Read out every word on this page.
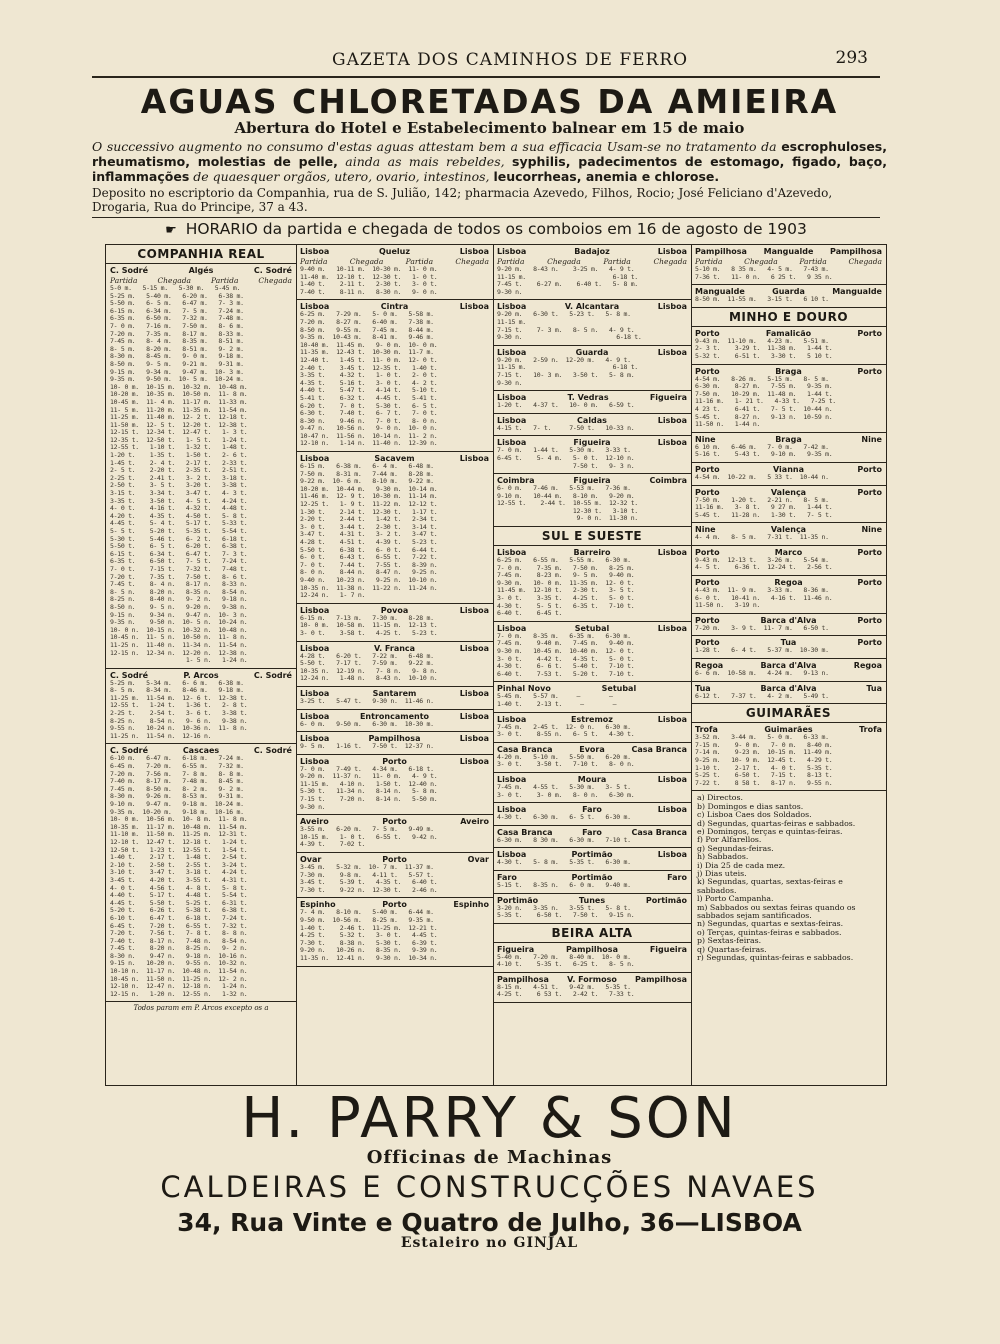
GAZETA DOS CAMINHOS DE FERRO	293
AGUAS CHLORETADAS DA AMIEIRA
Abertura do Hotel e Estabelecimento balnear em 15 de maio
O successivo augmento no consumo d'estas aguas attestam bem a sua efficacia Usam-se no tratamento da escrophuloses, rheumatismo, molestias de pelle, ainda as mais rebeldes, syphilis, padecimentos de estomago, figado, baço, inflammações de quaesquer orgãos, utero, ovario, intestinos, leucorrheas, anemia e chlorose.
Deposito no escriptorio da Companhia, rua de S. Julião, 142; pharmacia Azevedo, Filhos, Rocio; José Feliciano d'Azevedo, Drogaria, Rua do Principe, 37 a 43.
☛ HORARIO da partida e chegada de todos os comboios em 16 de agosto de 1903
COMPANHIA REAL
C. Sodré	Algés	C. Sodré
Partida	Chegada	Partida	Chegada
5-0 m.   5-15 m.   5-30 m.   5-45 m.
5-25 m.   5-40 m.   6-20 m.   6-38 m.
5-50 m.   6- 5 m.   6-47 m.   7- 3 m.
6-15 m.   6-34 m.   7- 5 m.   7-24 m.
6-35 m.   6-50 m.   7-32 m.   7-48 m.
7- 0 m.   7-16 m.   7-50 m.   8- 6 m.
7-20 m.   7-35 m.   8-17 m.   8-33 m.
7-45 m.   8- 4 m.   8-35 m.   8-51 m.
8- 5 m.   8-20 m.   8-51 m.   9- 2 m.
8-30 m.   8-45 m.   9- 0 m.   9-18 m.
8-50 m.   9- 5 m.   9-21 m.   9-31 m.
9-15 m.   9-34 m.   9-47 m.  10- 3 m.
9-35 m.   9-50 m.  10- 5 m.  10-24 m.
10- 0 m.  10-15 m.  10-32 m.  10-48 m.
10-20 m.  10-35 m.  10-50 m.  11- 8 m.
10-45 m.  11- 4 m.  11-17 m.  11-33 m.
11- 5 m.  11-20 m.  11-35 m.  11-54 m.
11-25 m.  11-40 m.  12- 2 t.  12-18 t.
11-50 m.  12- 5 t.  12-20 t.  12-38 t.
12-15 t.  12-34 t.  12-47 t.   1- 3 t.
12-35 t.  12-50 t.   1- 5 t.   1-24 t.
12-55 t.   1-10 t.   1-32 t.   1-48 t.
1-20 t.    1-35 t.   1-50 t.   2- 6 t.
1-45 t.    2- 4 t.   2-17 t.   2-33 t.
2- 5 t.    2-20 t.   2-35 t.   2-51 t.
2-25 t.    2-41 t.   3- 2 t.   3-18 t.
2-50 t.    3- 5 t.   3-20 t.   3-38 t.
3-15 t.    3-34 t.   3-47 t.   4- 3 t.
3-35 t.    3-50 t.   4- 5 t.   4-24 t.
4- 0 t.    4-16 t.   4-32 t.   4-48 t.
4-20 t.    4-35 t.   4-50 t.   5- 8 t.
4-45 t.    5- 4 t.   5-17 t.   5-33 t.
5- 5 t.    5-20 t.   5-35 t.   5-54 t.
5-30 t.    5-46 t.   6- 2 t.   6-18 t.
5-50 t.    6- 5 t.   6-20 t.   6-38 t.
6-15 t.    6-34 t.   6-47 t.   7- 3 t.
6-35 t.    6-50 t.   7- 5 t.   7-24 t.
7- 0 t.    7-15 t.   7-32 t.   7-48 t.
7-20 t.    7-35 t.   7-50 t.   8- 6 t.
7-45 t.    8- 4 n.   8-17 n.   8-33 n.
8- 5 n.    8-20 n.   8-35 n.   8-54 n.
8-25 n.    8-40 n.   9- 2 n.   9-18 n.
8-50 n.    9- 5 n.   9-20 n.   9-38 n.
9-15 n.    9-34 n.   9-47 n.  10- 3 n.
9-35 n.    9-50 n.  10- 5 n.  10-24 n.
10- 0 n.  10-15 n.  10-32 n.  10-48 n.
10-45 n.  11- 5 n.  10-50 n.  11- 8 n.
11-25 n.  11-40 n.  11-34 n.  11-54 n.
12-15 n.  12-34 n.  12-20 n.  12-38 n.
1- 5 n.   1-24 n.
C. Sodré	P. Arcos	C. Sodré
5-25 m.   5-34 m.   6- 6 m.   6-38 m.
8- 5 m.   8-34 m.   8-46 m.   9-18 m.
11-25 m.  11-54 m.  12- 6 t.  12-38 t.
12-55 t.   1-24 t.   1-36 t.   2- 8 t.
2-25 t.    2-54 t.   3- 6 t.   3-38 t.
8-25 n.    8-54 n.   9- 6 n.   9-38 n.
9-55 n.   10-24 n.  10-36 n.  11- 8 n.
11-25 n.  11-54 n.  12-16 n.
C. Sodré	Cascaes	C. Sodré
6-10 m.   6-47 m.   6-18 m.   7-24 m.
6-45 m.   7-20 m.   6-55 m.   7-32 m.
7-20 m.   7-56 m.   7- 8 m.   8- 8 m.
7-40 m.   8-17 m.   7-48 m.   8-45 m.
7-45 m.   8-50 m.   8- 2 m.   9- 2 m.
8-30 m.   9-26 m.   8-53 m.   9-31 m.
9-10 m.   9-47 m.   9-18 m.  10-24 m.
9-35 m.  10-20 m.   9-18 m.  10-16 m.
10- 0 m.  10-56 m.  10- 8 m.  11- 8 m.
10-35 m.  11-17 m.  10-48 m.  11-54 m.
11-10 m.  11-50 m.  11-25 m.  12-31 t.
12-10 t.  12-47 t.  12-18 t.   1-24 t.
12-50 t.   1-23 t.  12-55 t.   1-54 t.
1-40 t.    2-17 t.   1-48 t.   2-54 t.
2-10 t.    2-50 t.   2-55 t.   3-24 t.
3-10 t.    3-47 t.   3-18 t.   4-24 t.
3-45 t.    4-20 t.   3-55 t.   4-31 t.
4- 0 t.    4-56 t.   4- 8 t.   5- 8 t.
4-40 t.    5-17 t.   4-48 t.   5-54 t.
4-45 t.    5-50 t.   5-25 t.   6-31 t.
5-20 t.    6-26 t.   5-38 t.   6-38 t.
6-10 t.    6-47 t.   6-18 t.   7-24 t.
6-45 t.    7-20 t.   6-55 t.   7-32 t.
7-20 t.    7-56 t.   7- 8 t.   8- 8 n.
7-40 t.    8-17 n.   7-48 n.   8-54 n.
7-45 t.    8-20 n.   8-25 n.   9- 2 n.
8-30 n.    9-47 n.   9-18 n.  10-16 n.
9-15 n.   10-20 n.   9-55 n.  10-32 n.
10-10 n.  11-17 n.  10-48 n.  11-54 n.
10-45 n.  11-50 n.  11-25 n.  12- 2 n.
12-10 n.  12-47 n.  12-18 n.   1-24 n.
12-15 n.   1-20 n.  12-55 n.   1-32 n.
Todos param em P. Arcos excepto os a
Lisboa	Queluz	Lisboa
Partida	Chegada	Partida	Chegada
9-40 m.   10-11 m.  10-30 m.  11- 0 m.
11-40 m.  12-10 t.  12-30 t.   1- 0 t.
1-40 t.    2-11 t.   2-30 t.   3- 0 t.
7-40 t.    8-11 n.   8-30 n.   9- 0 n.
Lisboa	Cintra	Lisboa
6-25 m.   7-29 m.   5- 0 m.   5-58 m.
7-20 m.   8-27 m.   6-40 m.   7-38 m.
8-50 m.   9-55 m.   7-45 m.   8-44 m.
9-35 m.  10-43 m.   8-41 m.   9-46 m.
10-40 m.  11-45 m.   9- 0 m.  10- 0 m.
11-35 m.  12-43 t.  10-30 m.  11-7 m.
12-40 t.   1-45 t.  11- 0 m.  12- 0 t.
2-40 t.    3-45 t.  12-35 t.   1-40 t.
3-35 t.    4-32 t.   1- 0 t.   2- 0 t.
4-35 t.    5-16 t.   3- 0 t.   4- 2 t.
4-40 t.    5-47 t.   4-14 t.   5-10 t.
5-41 t.    6-32 t.   4-45 t.   5-41 t.
6-20 t.    7- 0 t.   5-30 t.   6- 5 t.
6-30 t.    7-40 t.   6- 7 t.   7- 0 t.
8-30 n.    9-46 n.   7- 0 t.   8- 0 n.
9-47 n.   10-56 n.   9- 0 n.  10- 0 n.
10-47 n.  11-56 n.  10-14 n.  11- 2 n.
12-10 n.   1-14 n.  11-40 n.  12-39 n.
Lisboa	Sacavem	Lisboa
6-15 m.   6-38 m.   6- 4 m.   6-48 m.
7-50 m.   8-31 m.   7-44 m.   8-28 m.
9-22 m.  10- 6 m.   8-10 m.   9-22 m.
10-20 m.  10-44 m.   9-30 m.  10-14 m.
11-46 m.  12- 9 t.  10-30 m.  11-14 m.
12-25 t.   1- 9 t.  11-22 m.  12-12 t.
1-30 t.    2-14 t.  12-30 t.   1-17 t.
2-20 t.    2-44 t.   1-42 t.   2-34 t.
3- 0 t.    3-44 t.   2-30 t.   3-14 t.
3-47 t.    4-31 t.   3- 2 t.   3-47 t.
4-28 t.    4-51 t.   4-39 t.   5-23 t.
5-50 t.    6-38 t.   6- 0 t.   6-44 t.
6- 0 t.    6-43 t.   6-55 t.   7-22 t.
7- 0 t.    7-44 t.   7-55 t.   8-39 n.
8- 0 n.    8-44 n.   8-47 n.   9-25 n.
9-40 n.   10-23 n.   9-25 n.  10-10 n.
10-35 n.  11-38 n.  11-22 n.  11-24 n.
12-24 n.   1- 7 n.
Lisboa	Povoa	Lisboa
6-15 m.   7-13 m.   7-30 m.   8-28 m.
10- 0 m.  10-58 m.  11-15 m.  12-13 t.
3- 0 t.    3-58 t.   4-25 t.   5-23 t.
Lisboa	V. Franca	Lisboa
4-28 t.   6-20 t.   7-22 m.   6-48 m.
5-50 t.   7-17 t.   7-59 m.   9-22 m.
10-35 n.  12-19 n.   7- 8 n.   9- 8 n.
12-24 n.   1-48 n.   8-43 n.  10-10 n.
Lisboa	Santarem	Lisboa
3-25 t.   5-47 t.   9-30 n.  11-46 n.
Lisboa	Entroncamento	Lisboa
6- 0 m.   9-50 m.   6-30 m.  10-30 m.
Lisboa	Pampilhosa	Lisboa
9- 5 m.   1-16 t.   7-50 t.  12-37 n.
Lisboa	Porto	Lisboa
7- 0 m.   7-49 t.   4-34 m.   6-18 t.
9-20 m.  11-37 n.   11- 0 m.   4- 9 t.
11-15 m.   4-10 n.   1-50 t.  12-40 n.
5-30 t.   11-34 n.   8-14 n.   5- 8 m.
7-15 t.    7-20 n.   8-14 n.   5-50 m.
9-30 n.
Aveiro	Porto	Aveiro
3-55 m.   6-20 m.   7- 5 m.   9-49 m.
10-15 m.   1- 0 t.   6-55 t.   9-42 n.
4-39 t.    7-02 t.
Ovar	Porto	Ovar
3-45 m.   5-32 m.  10- 7 m.  11-37 m.
7-30 m.    9-8 m.   4-11 t.   5-57 t.
3-45 t.    5-39 t.   4-35 t.   6-40 t.
7-30 t.    9-22 n.  12-30 t.   2-46 n.
Espinho	Porto	Espinho
7- 4 m.   8-10 m.   5-40 m.   6-44 m.
9-50 m.  10-56 m.   8-25 m.   9-35 m.
1-40 t.    2-46 t.  11-25 m.  12-21 t.
4-25 t.    5-32 t.   3- 0 t.   4-45 t.
7-30 t.    8-38 n.   5-30 t.   6-39 t.
9-20 n.   10-26 n.   8-35 n.   9-39 n.
11-35 n.  12-41 n.   9-30 n.  10-34 n.
Lisboa	Badajoz	Lisboa
Partida	Chegada	Partida	Chegada
9-20 m.   8-43 n.    3-25 m.   4- 9 t.
11-15 m.                        6-18 t.
7-45 t.    6-27 m.    6-40 t.   5- 8 m.
9-30 n.
Lisboa	V. Alcantara	Lisboa
9-20 m.   6-30 t.   5-23 t.   5- 8 m.
11-15 m.
7-15 t.    7- 3 m.   8- 5 n.   4- 9 t.
9-30 n.                          6-18 t.
Lisboa	Guarda	Lisboa
9-20 m.   2-59 n.  12-20 m.   4- 9 t.
11-15 m.                        6-18 t.
7-15 t.   10- 3 m.   3-50 t.   5- 8 m.
9-30 n.
Lisboa	T. Vedras	Figueira
1-20 t.   4-37 t.   10- 0 m.   6-59 t.
Lisboa	Caldas	Lisboa
4-15 t.   7- t.     7-50 t.   10-33 n.
Lisboa	Figueira	Lisboa
7- 0 m.   1-44 t.   5-30 m.   3-33 t.
6-45 t.    5- 4 m.   5- 0 t.  12-10 n.
7-50 t.   9- 3 n.
Coimbra	Figueira	Coimbra
6- 0 m.   7-46 m.   5-53 m.   7-36 m.
9-10 m.   10-44 m.   8-10 m.   9-20 m.
12-55 t.    2-44 t.  10-55 m.  12-32 t.
12-30 t.   3-10 t.
9- 0 n.  11-30 n.
SUL E SUESTE
Lisboa	Barreiro	Lisboa
6-25 m.   6-55 m.   5-55 m.   6-30 m.
7- 0 m.    7-35 m.   7-50 m.   8-25 m.
7-45 m.    8-23 m.   9- 5 m.   9-40 m.
9-30 m.   10- 0 m.  11-35 m.  12- 0 t.
11-45 m.  12-10 t.   2-30 t.   3- 5 t.
3- 0 t.    3-35 t.   4-25 t.   5- 0 t.
4-30 t.    5- 5 t.   6-35 t.   7-10 t.
6-40 t.    6-45 t.
Lisboa	Setubal	Lisboa
7- 0 m.   8-35 m.   6-35 m.   6-30 m.
7-45 m.    9-40 m.   7-45 m.   9-40 m.
9-30 m.   10-45 m.  10-40 m.  12- 0 t.
3- 0 t.    4-42 t.   4-35 t.   5- 0 t.
4-30 t.    6- 6 t.   5-40 t.   7-10 t.
6-40 t.    7-53 t.   5-20 t.   7-10 t.
Pinhal Novo	Setubal
5-45 m.   5-57 m.     —        —
1-40 t.    2-13 t.     —        —
Lisboa	Estremoz	Lisboa
7-45 m.   2-45 t.  12- 0 n.   6-30 m.
3- 0 t.    8-55 n.   6- 5 t.   4-30 t.
Casa Branca	Evora	Casa Branca
4-20 m.   5-10 m.   5-50 m.   6-20 m.
3- 0 t.    3-50 t.   7-10 t.   8- 0 n.
Lisboa	Moura	Lisboa
7-45 m.   4-55 t.   5-30 m.   3- 5 t.
3- 0 t.    3- 0 m.   8- 0 n.   6-30 m.
Lisboa	Faro	Lisboa
4-30 t.   6-30 m.   6- 5 t.   6-30 m.
Casa Branca	Faro	Casa Branca
6-30 m.   8 30 m.   6-30 m.   7-10 t.
Lisboa	Portimão	Lisboa
4-30 t.   5- 8 m.   5-35 t.   6-30 m.
Faro	Portimão	Faro
5-15 t.   8-35 n.   6- 0 m.   9-40 m.
Portimão	Tunes	Portimão
3-20 n.   3-35 n.   3-55 t.   5- 8 t.
5-35 t.    6-50 t.   7-50 t.   9-15 n.
BEIRA ALTA
Figueira	Pampilhosa	Figueira
5-40 m.   7-20 m.   8-40 m.  10- 0 m.
4-10 t.    5-35 t.   6-25 t.   8- 5 n.
Pampilhosa V. Formoso Pampilhosa
8-15 m.   4-51 t.   9-42 m.   5-35 t.
4-25 t.    6 53 t.   2-42 t.   7-33 t.
Pampilhosa Mangualde Pampilhosa
Partida	Chegada	Partida	Chegada
5-10 m.   8 35 m.   4- 5 m.   7-43 m.
7-36 t.   11- 0 n.   6 25 t.   9 35 n.
Mangualde	Guarda	Mangualde
8-50 m.  11-55 m.   3-15 t.   6 10 t.
MINHO E DOURO
Porto	Famalicão	Porto
9-43 m.  11-10 m.   4-23 m.   5-51 m.
2- 3 t.    3-29 t.  11-38 m.   1-44 t.
5-32 t.    6-51 t.   3-30 t.   5 10 t.
Porto	Braga	Porto
4-54 m.   8-26 m.   5-15 m.   8- 5 m.
6-30 m.    8-27 m.   7-55 m.   9-35 m.
7-50 m.   10-29 m.  11-48 m.   1-44 t.
11-16 m.   1- 21 t.   4-33 t.   7-25 t.
4 23 t.    6-41 t.   7- 5 t.  10-44 n.
5-45 t.    8-27 n.   9-13 n.  10-59 n.
11-50 n.   1-44 n.
Nine	Braga	Nine
6 10 m.   6-46 m.   7- 0 m.   7-42 m.
5-16 t.    5-43 t.   9-10 m.   9-35 m.
Porto	Vianna	Porto
4-54 m.  10-22 m.   5 33 t.  10-44 n.
Porto	Valença	Porto
7-50 m.   1-20 t.   2-21 n.   8- 5 m.
11-16 m.   3- 8 t.   9 27 m.   1-44 t.
5-45 t.   11-28 n.   1-30 t.   7- 5 t.
Nine	Valença	Nine
4- 4 m.   8- 5 m.   7-31 t.  11-35 n.
Porto	Marco	Porto
9-43 m.  12-13 t.   3-26 m.   5-54 m.
4- 5 t.    6-36 t.  12-24 t.   2-56 t.
Porto	Regoa	Porto
4-43 m.  11- 9 m.   3-33 m.   8-36 m.
6- 0 t.   10-41 n.   4-16 t.  11-46 n.
11-50 n.   3-19 n.
Porto	Barca d'Alva	Porto
7-20 m.   3- 9 t.  11- 7 m.   6-50 t.
Porto	Tua	Porto
1-28 t.   6- 4 t.   5-37 m.  10-30 m.
Regoa	Barca d'Alva	Regoa
6- 6 m.  10-58 m.   4-24 m.   9-13 n.
Tua	Barca d'Alva	Tua
6-12 t.   7-37 t.   4- 2 m.   5-49 t.
GUIMARÃES
Trofa	Guimarães	Trofa
3-52 m.   3-44 m.   5- 0 m.   6-33 m.
7-15 m.    9- 0 m.   7- 0 m.   8-40 m.
7-14 m.    9-23 m.  10-15 m.  11-49 m.
9-25 m.   10- 9 m.  12-45 t.   4-29 t.
1-10 t.    2-17 t.   4- 0 t.   5-35 t.
5-25 t.    6-50 t.   7-15 t.   8-13 t.
7-22 t.    8 58 t.   8-17 n.   9-55 n.
a) Directos.
b) Domingos e dias santos.
c) Lisboa Caes dos Soldados.
d) Segundas, quartas-feiras e sabbados.
e) Domingos, terças e quintas-feiras.
f) Por Alfarellos.
g) Segundas-feiras.
h) Sabbados.
i) Dia 25 de cada mez.
j) Dias uteis.
k) Segundas, quartas, sextas-feiras e sabbados.
l) Porto Campanha.
m) Sabbados ou sextas feiras quando os sabbados sejam santificados.
n) Segundas, quartas e sextas-feiras.
o) Terças, quintas-feiras e sabbados.
p) Sextas-feiras.
q) Quartas-feiras.
r) Segundas, quintas-feiras e sabbados.
H. PARRY & SON
Officinas de Machinas
CALDEIRAS E CONSTRUCÇÕES NAVAES
34, Rua Vinte e Quatro de Julho, 36—LISBOA
Estaleiro no GINJAL
